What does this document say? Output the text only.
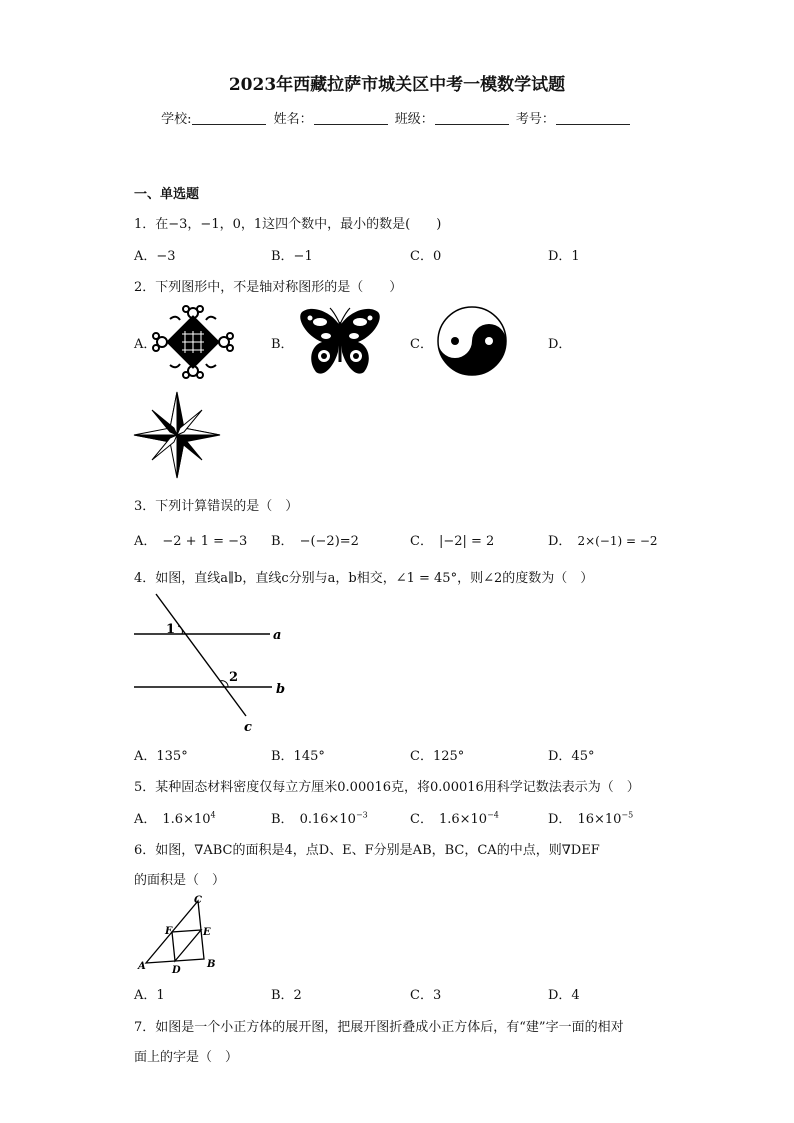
2023年西藏拉萨市城关区中考一模数学试题
学校:	姓名：	班级：	考号：
一、单选题
1．在−3，−1，0，1这四个数中，最小的数是(　　)
A．−3	B．−1	C．0	D．1
2．下列图形中，不是轴对称图形的是（　　）
A．	B．	C．	D．
3．下列计算错误的是（　）
A． −2 + 1 = −3 B． −(−2)=2	C． |−2| = 2	D． 2×(−1) = −2
4．如图，直线a∥b，直线c分别与a，b相交，∠1 = 45°，则∠2的度数为（　）
1
2
a
b
c
A．135°	B．145°	C．125°	D．45°
5．某种固态材料密度仅每立方厘米0.00016克，将0.00016用科学记数法表示为（　）
A． $1.6\times 10^4$	B． $0.16\times 10^{-3}$	C． $1.6\times 10^{-4}$	D． $16\times 10^{-5}$
6．如图，∇ABC的面积是4，点D、E、F分别是AB，BC，CA的中点，则∇DEF
的面积是（　）
C
F	E
A	D
B
A．1	B．2	C．3	D．4
7．如图是一个小正方体的展开图，把展开图折叠成小正方体后，有“建”字一面的相对
面上的字是（　）
